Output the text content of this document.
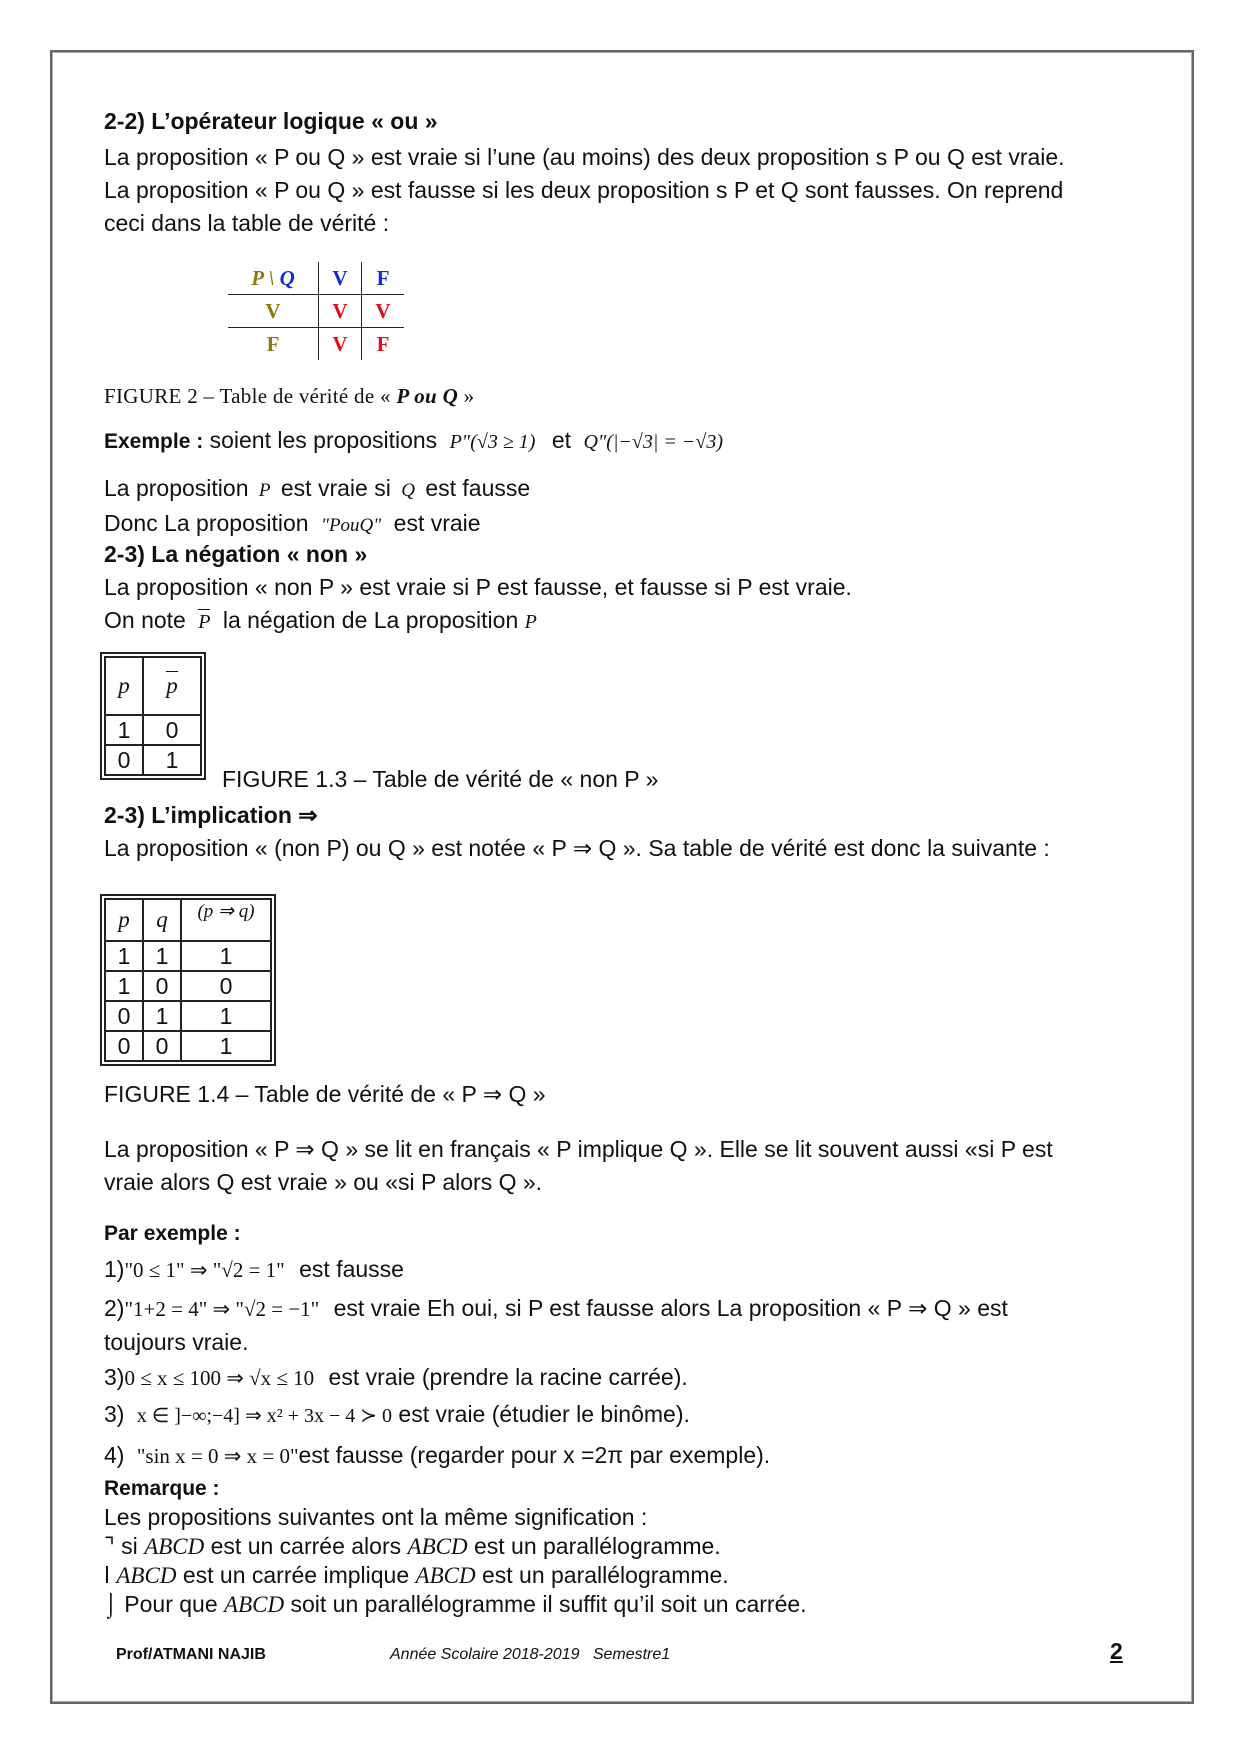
2-2) L’opérateur logique « ou »

La proposition « P ou Q » est vraie si l’une (au moins) des deux proposition s P ou Q est vraie.

La proposition « P ou Q » est fausse si les deux proposition s P et Q sont fausses. On reprend

ceci dans la table de vérité :

P \ Q	V	F
V	V	V
F	V	F
FIGURE 2 – Table de vérité de « P ou Q »
Exemple : soient les propositions P"(√3 ≥ 1) et Q"(|−√3| = −√3)

La proposition P est vraie si Q est fausse

Donc La proposition "PouQ" est vraie

2-3) La négation « non »

La proposition « non P » est vraie si P est fausse, et fausse si P est vraie.

On note P la négation de La proposition P

p	p
1	0
0	1
FIGURE 1.3 – Table de vérité de « non P »

2-3) L’implication ⇒

La proposition « (non P) ou Q » est notée « P ⇒ Q ». Sa table de vérité est donc la suivante :

p	q	(p ⇒ q)
1	1	1
1	0	0
0	1	1
0	0	1
FIGURE 1.4 – Table de vérité de « P ⇒ Q »

La proposition « P ⇒ Q » se lit en français « P implique Q ». Elle se lit souvent aussi «si P est

vraie alors Q est vraie » ou «si P alors Q ».

Par exemple :
1)"0 ≤ 1" ⇒ "√2 = 1" est fausse

2)"1+2 = 4" ⇒ "√2 = −1" est vraie Eh oui, si P est fausse alors La proposition « P ⇒ Q » est

toujours vraie.

3)0 ≤ x ≤ 100 ⇒ √x ≤ 10 est vraie (prendre la racine carrée).
3) x ∈ ]−∞;−4] ⇒ x² + 3x − 4 ≻ 0 est vraie (étudier le binôme).
4) "sin x = 0 ⇒ x = 0"est fausse (regarder pour x =2π par exemple).

Remarque :

Les propositions suivantes ont la même signification :

⌝ si ABCD est un carrée alors ABCD est un parallélogramme.

ǀ ABCD est un carrée implique ABCD est un parallélogramme.

⌡ Pour que ABCD soit un parallélogramme il suffit qu’il soit un carrée.

Prof/ATMANI NAJIB	Année Scolaire 2018-2019   Semestre1	2
